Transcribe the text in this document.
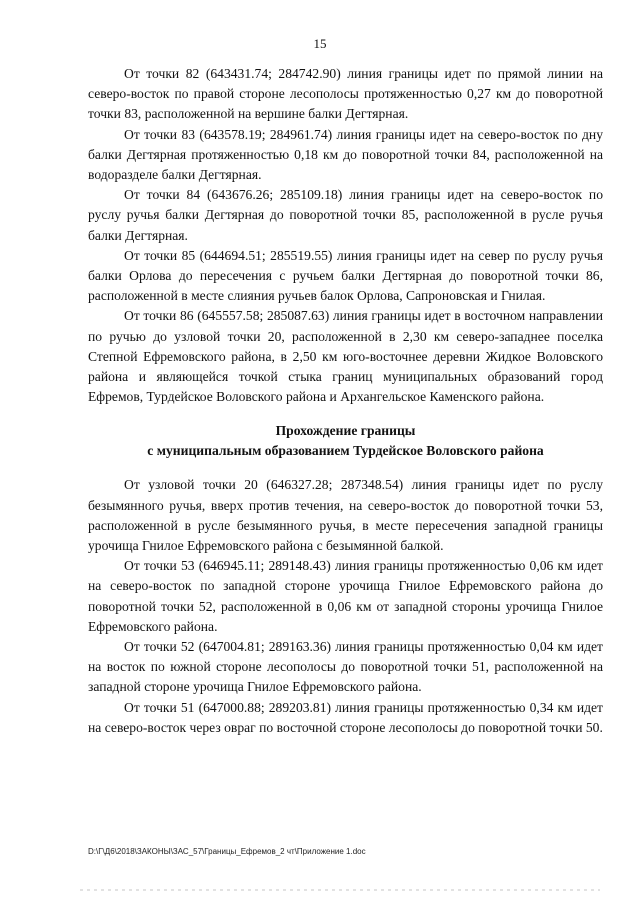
15

От точки 82 (643431.74; 284742.90) линия границы идет по прямой линии на северо-восток по правой стороне лесополосы протяженностью 0,27 км до поворотной точки 83, расположенной на вершине балки Дегтярная.

От точки 83 (643578.19; 284961.74) линия границы идет на северо-восток по дну балки Дегтярная протяженностью 0,18 км до поворотной точки 84, расположенной на водоразделе балки Дегтярная.

От точки 84 (643676.26; 285109.18) линия границы идет на северо-восток по руслу ручья балки Дегтярная до поворотной точки 85, расположенной в русле ручья балки Дегтярная.

От точки 85 (644694.51; 285519.55) линия границы идет на север по руслу ручья балки Орлова до пересечения с ручьем балки Дегтярная до поворотной точки 86, расположенной в месте слияния ручьев балок Орлова, Сапроновская и Гнилая.

От точки 86 (645557.58; 285087.63) линия границы идет в восточном направлении по ручью до узловой точки 20, расположенной в 2,30 км северо-западнее поселка Степной Ефремовского района, в 2,50 км юго-восточнее деревни Жидкое Воловского района и являющейся точкой стыка границ муниципальных образований город Ефремов, Турдейское Воловского района и Архангельское Каменского района.

Прохождение границы
с муниципальным образованием Турдейское Воловского района

От узловой точки 20 (646327.28; 287348.54) линия границы идет по руслу безымянного ручья, вверх против течения, на северо-восток до поворотной точки 53, расположенной в русле безымянного ручья, в месте пересечения западной границы урочища Гнилое Ефремовского района с безымянной балкой.

От точки 53 (646945.11; 289148.43) линия границы протяженностью 0,06 км идет на северо-восток по западной стороне урочища Гнилое Ефремовского района до поворотной точки 52, расположенной в 0,06 км от западной стороны урочища Гнилое Ефремовского района.

От точки 52 (647004.81; 289163.36) линия границы протяженностью 0,04 км идет на восток по южной стороне лесополосы до поворотной точки 51, расположенной на западной стороне урочища Гнилое Ефремовского района.

От точки 51 (647000.88; 289203.81) линия границы протяженностью 0,34 км идет на северо-восток через овраг по восточной стороне лесополосы до поворотной точки 50.

D:\Г\Д6\2018\ЗАКОНЫ\ЗАС_57\Границы_Ефремов_2 чт\Приложение 1.doc
